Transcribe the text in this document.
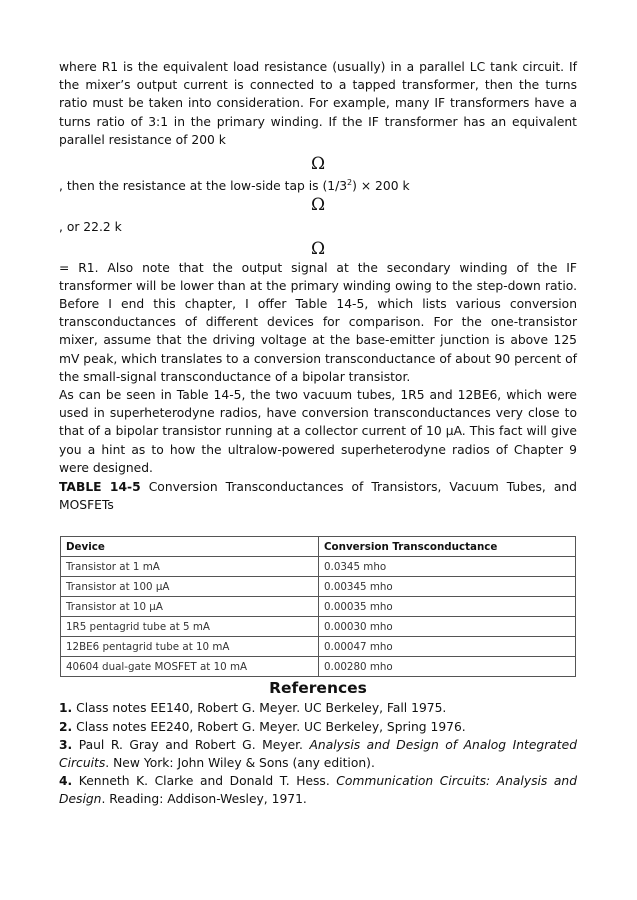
where R1 is the equivalent load resistance (usually) in a parallel LC tank circuit. If the mixer’s output current is connected to a tapped transformer, then the turns ratio must be taken into consideration. For example, many IF transformers have a turns ratio of 3:1 in the primary winding. If the IF transformer has an equivalent parallel resistance of 200 k

Ω

, then the resistance at the low-side tap is $(1/3^2) \times 200$ k

Ω

, or 22.2 k

Ω

= R1. Also note that the output signal at the secondary winding of the IF transformer will be lower than at the primary winding owing to the step-down ratio. Before I end this chapter, I offer Table 14-5, which lists various conversion transconductances of different devices for comparison. For the one-transistor mixer, assume that the driving voltage at the base-emitter junction is above 125 mV peak, which translates to a conversion transconductance of about 90 percent of the small-signal transconductance of a bipolar transistor.

As can be seen in Table 14-5, the two vacuum tubes, 1R5 and 12BE6, which were used in superheterodyne radios, have conversion transconductances very close to that of a bipolar transistor running at a collector current of 10 μA. This fact will give you a hint as to how the ultralow-powered superheterodyne radios of Chapter 9 were designed.

TABLE 14-5 Conversion Transconductances of Transistors, Vacuum Tubes, and MOSFETs

Device	Conversion Transconductance
Transistor at 1 mA	0.0345 mho
Transistor at 100 μA	0.00345 mho
Transistor at 10 μA	0.00035 mho
1R5 pentagrid tube at 5 mA	0.00030 mho
12BE6 pentagrid tube at 10 mA	0.00047 mho
40604 dual-gate MOSFET at 10 mA	0.00280 mho

References

1. Class notes EE140, Robert G. Meyer. UC Berkeley, Fall 1975.

2. Class notes EE240, Robert G. Meyer. UC Berkeley, Spring 1976.

3. Paul R. Gray and Robert G. Meyer. Analysis and Design of Analog Integrated Circuits. New York: John Wiley & Sons (any edition).

4. Kenneth K. Clarke and Donald T. Hess. Communication Circuits: Analysis and Design. Reading: Addison-Wesley, 1971.
